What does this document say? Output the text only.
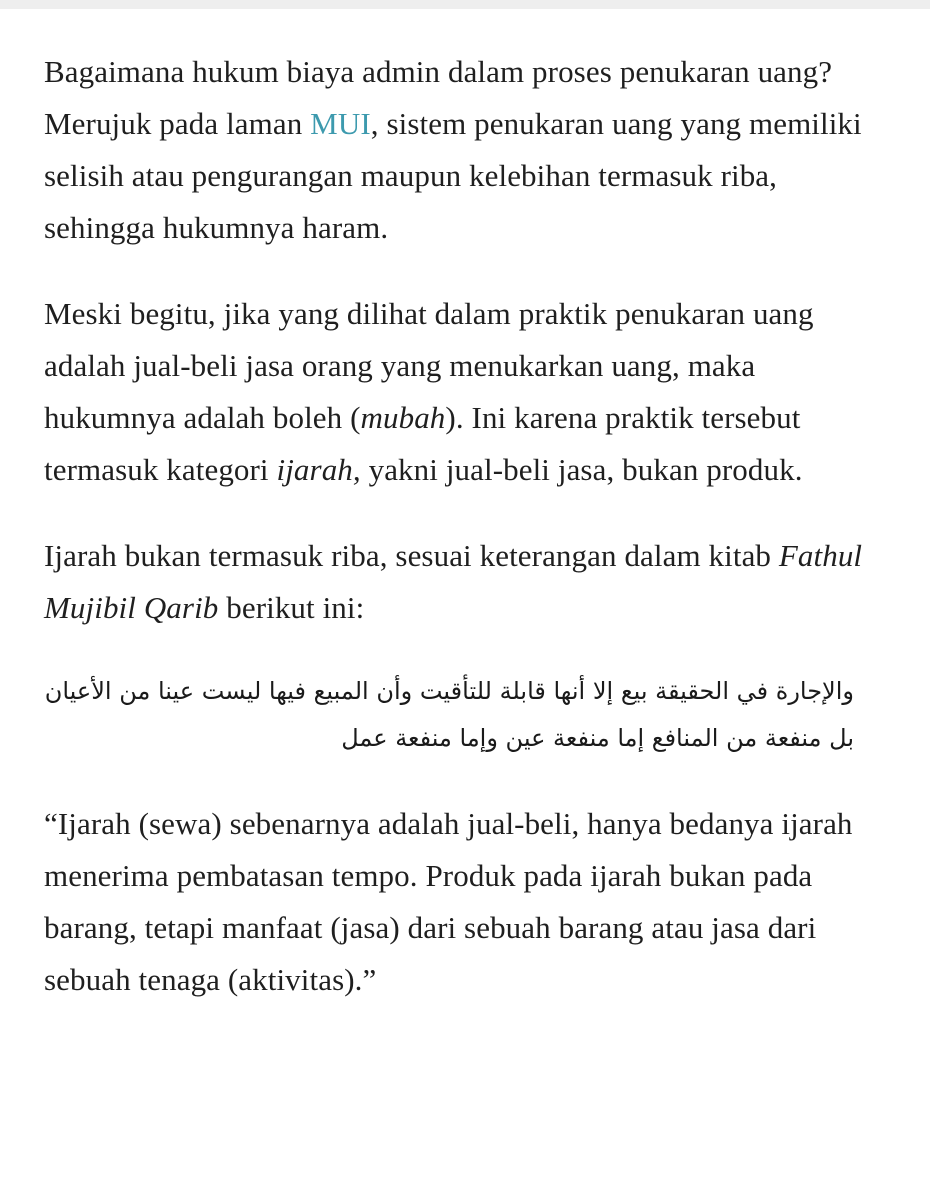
Bagaimana hukum biaya admin dalam proses penukaran uang? Merujuk pada laman MUI, sistem penukaran uang yang memiliki selisih atau pengurangan maupun kelebihan termasuk riba, sehingga hukumnya haram.

Meski begitu, jika yang dilihat dalam praktik penukaran uang adalah jual-beli jasa orang yang menukarkan uang, maka hukumnya adalah boleh (mubah). Ini karena praktik tersebut termasuk kategori ijarah, yakni jual-beli jasa, bukan produk.

Ijarah bukan termasuk riba, sesuai keterangan dalam kitab Fathul Mujibil Qarib berikut ini:

والإجارة في الحقيقة بيع إلا أنها قابلة للتأقيت وأن المبيع فيها ليست عينا من الأعيان بل منفعة من المنافع إما منفعة عين وإما منفعة عمل

“Ijarah (sewa) sebenarnya adalah jual-beli, hanya bedanya ijarah menerima pembatasan tempo. Produk pada ijarah bukan pada barang, tetapi manfaat (jasa) dari sebuah barang atau jasa dari sebuah tenaga (aktivitas).”
